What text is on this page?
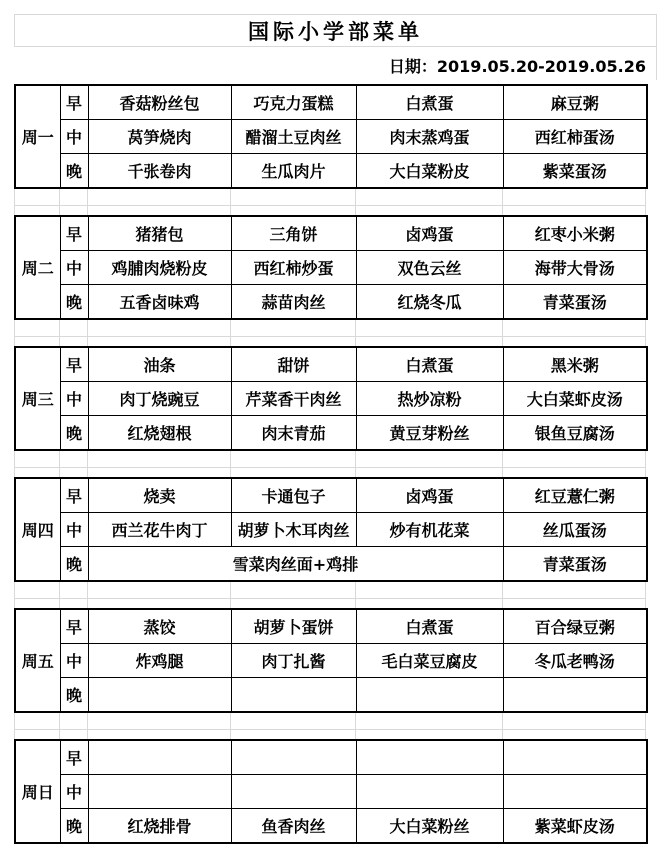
国际小学部菜单
日期：2019.05.20-2019.05.26
周一	早	香菇粉丝包	巧克力蛋糕	白煮蛋	麻豆粥
	中	莴笋烧肉	醋溜土豆肉丝	肉末蒸鸡蛋	西红柿蛋汤
	晚	千张卷肉	生瓜肉片	大白菜粉皮	紫菜蛋汤
周二	早	猪猪包	三角饼	卤鸡蛋	红枣小米粥
	中	鸡脯肉烧粉皮	西红柿炒蛋	双色云丝	海带大骨汤
	晚	五香卤味鸡	蒜苗肉丝	红烧冬瓜	青菜蛋汤
周三	早	油条	甜饼	白煮蛋	黑米粥
	中	肉丁烧豌豆	芹菜香干肉丝	热炒凉粉	大白菜虾皮汤
	晚	红烧翅根	肉末青茄	黄豆芽粉丝	银鱼豆腐汤
周四	早	烧卖	卡通包子	卤鸡蛋	红豆薏仁粥
	中	西兰花牛肉丁	胡萝卜木耳肉丝	炒有机花菜	丝瓜蛋汤
	晚	雪菜肉丝面+鸡排			青菜蛋汤
周五	早	蒸饺	胡萝卜蛋饼	白煮蛋	百合绿豆粥
	中	炸鸡腿	肉丁扎酱	毛白菜豆腐皮	冬瓜老鸭汤
	晚				
周日	早				
	中				
	晚	红烧排骨	鱼香肉丝	大白菜粉丝	紫菜虾皮汤
